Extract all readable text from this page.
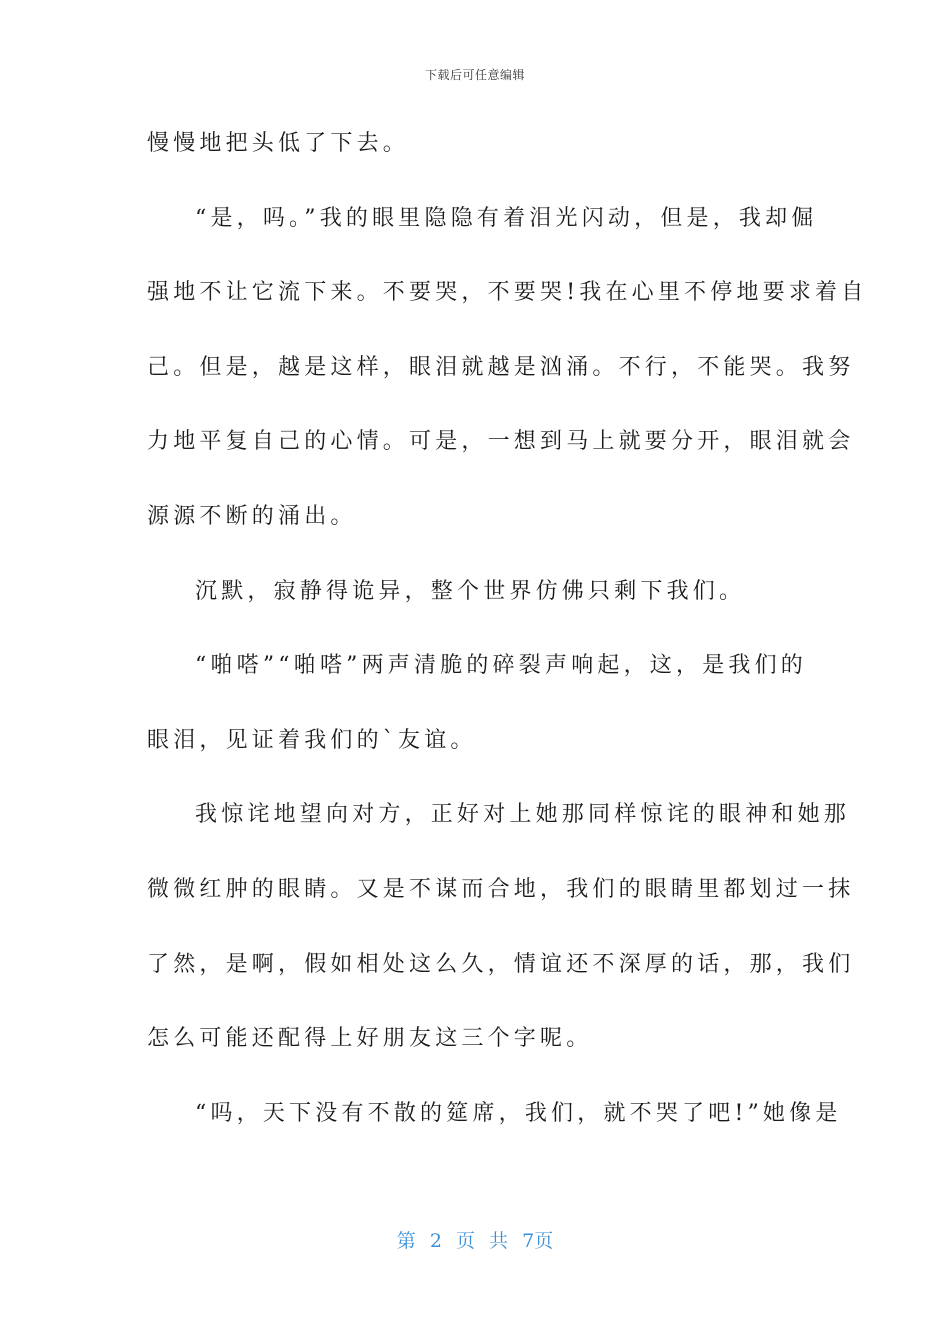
下载后可任意编辑
慢慢地把头低了下去。
“是，吗。”我的眼里隐隐有着泪光闪动，但是，我却倔
强地不让它流下来。不要哭，不要哭!我在心里不停地要求着自
己。但是，越是这样，眼泪就越是汹涌。不行，不能哭。我努
力地平复自己的心情。可是，一想到马上就要分开，眼泪就会
源源不断的涌出。
沉默，寂静得诡异，整个世界仿佛只剩下我们。
“啪嗒”“啪嗒”两声清脆的碎裂声响起，这，是我们的
眼泪，见证着我们的`友谊。
我惊诧地望向对方，正好对上她那同样惊诧的眼神和她那
微微红肿的眼睛。又是不谋而合地，我们的眼睛里都划过一抹
了然，是啊，假如相处这么久，情谊还不深厚的话，那，我们
怎么可能还配得上好朋友这三个字呢。
“吗，天下没有不散的筵席，我们，就不哭了吧!”她像是
第 2 页 共 7页
